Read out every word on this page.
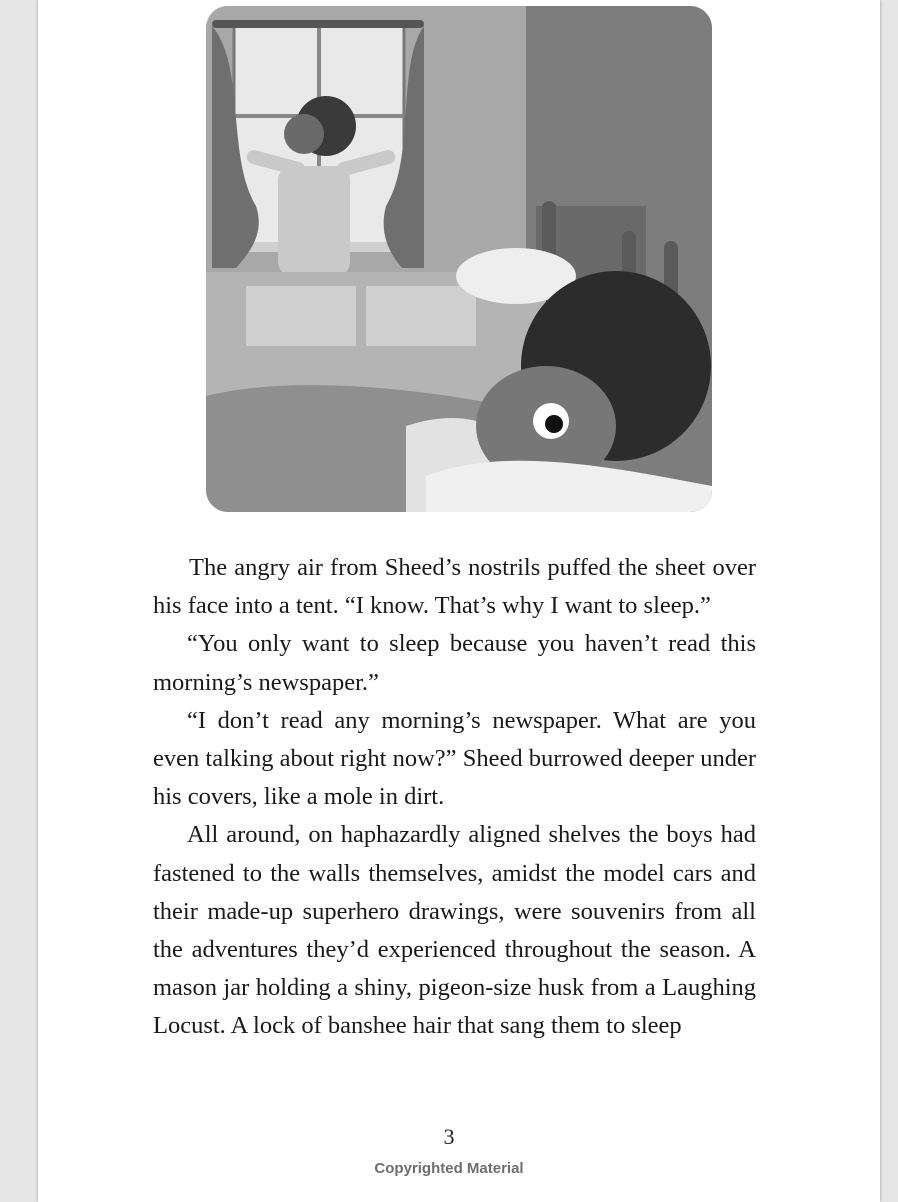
The angry air from Sheed’s nostrils puffed the sheet over his face into a tent. “I know. That’s why I want to sleep.”

“You only want to sleep because you haven’t read this morning’s newspaper.”

“I don’t read any morning’s newspaper. What are you even talking about right now?” Sheed burrowed deeper under his covers, like a mole in dirt.

All around, on haphazardly aligned shelves the boys had fastened to the walls themselves, amidst the model cars and their made-up superhero drawings, were souvenirs from all the adventures they’d experienced throughout the season. A mason jar holding a shiny, pigeon-size husk from a Laughing Locust. A lock of banshee hair that sang them to sleep

3
Copyrighted Material
